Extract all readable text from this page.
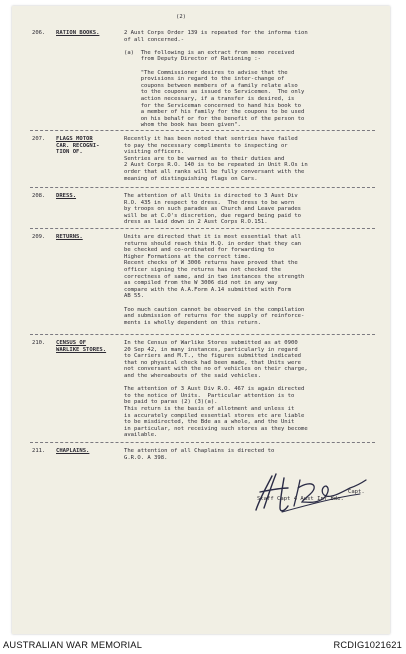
(2)

206. RATION BOOKS.	2 Aust Corps Order 139 is repeated for the informa tion

of all concerned.-

(a)  The following is an extract from memo received

from Deputy Director of Rationing :-

"The Commissioner desires to advise that the

provisions in regard to the inter-change of

coupons between members of a family relate also

to the coupons as issued to Servicemen.  The only

action necessary, if a transfer is desired, is

for the Serviceman concerned to hand his book to

a member of his family for the coupons to be used

on his behalf or for the benefit of the person to

whom the book has been given".

207. FLAGS MOTOR

CAR. RECOGNI-

TION OF.

Recently it has been noted that sentries have failed

to pay the necessary compliments to inspecting or

visiting officers.

Sentries are to be warned as to their duties and

2 Aust Corps R.O. 140 is to be repeated in Unit R.Os in

order that all ranks will be fully conversant with the

meaning of distinguishing flags on Cars.

208. DRESS.	The attention of all Units is directed to 3 Aust Div

R.O. 435 in respect to dress.  The dress to be worn

by troops on such parades as Church and Leave parades

will be at C.O's discretion, due regard being paid to

dress as laid down in 2 Aust Corps R.O.151.

209. RETURNS.	Units are directed that it is most essential that all

returns should reach this H.Q. in order that they can

be checked and co-ordinated for forwarding to

Higher Formations at the correct time.

Recent checks of W 3006 returns have proved that the

officer signing the returns has not checked the

correctness of same, and in two instances the strength

as compiled from the W 3006 did not in any way

compare with the A.A.Form A.14 submitted with Form

AB 55.

Too much caution cannot be observed in the compilation

and submission of returns for the supply of reinforce-

ments is wholly dependent on this return.

210. CENSUS OF

WARLIKE STORES.

In the Census of Warlike Stores submitted as at 0900

20 Sep 42, in many instances, particularly in regard

to Carriers and M.T., the figures submitted indicated

that no physical check had been made, that Units were

not conversant with the no of vehicles on their charge,

and the whereabouts of the said vehicles.

The attention of 3 Aust Div R.O. 467 is again directed

to the notice of Units.  Particular attention is to

be paid to paras (2) (3)(a).

This return is the basis of allotment and unless it

is accurately compiled essential stores etc are liable

to be misdirected, the Bde as a whole, and the Unit

in particular, not receiving such stores as they become

available.

211. CHAPLAINS.	The attention of all Chaplains is directed to

G.R.O. A 398.

Capt.

Staff Capt 4 Aust Inf Bde.

AUSTRALIAN WAR MEMORIAL	RCDIG1021621
